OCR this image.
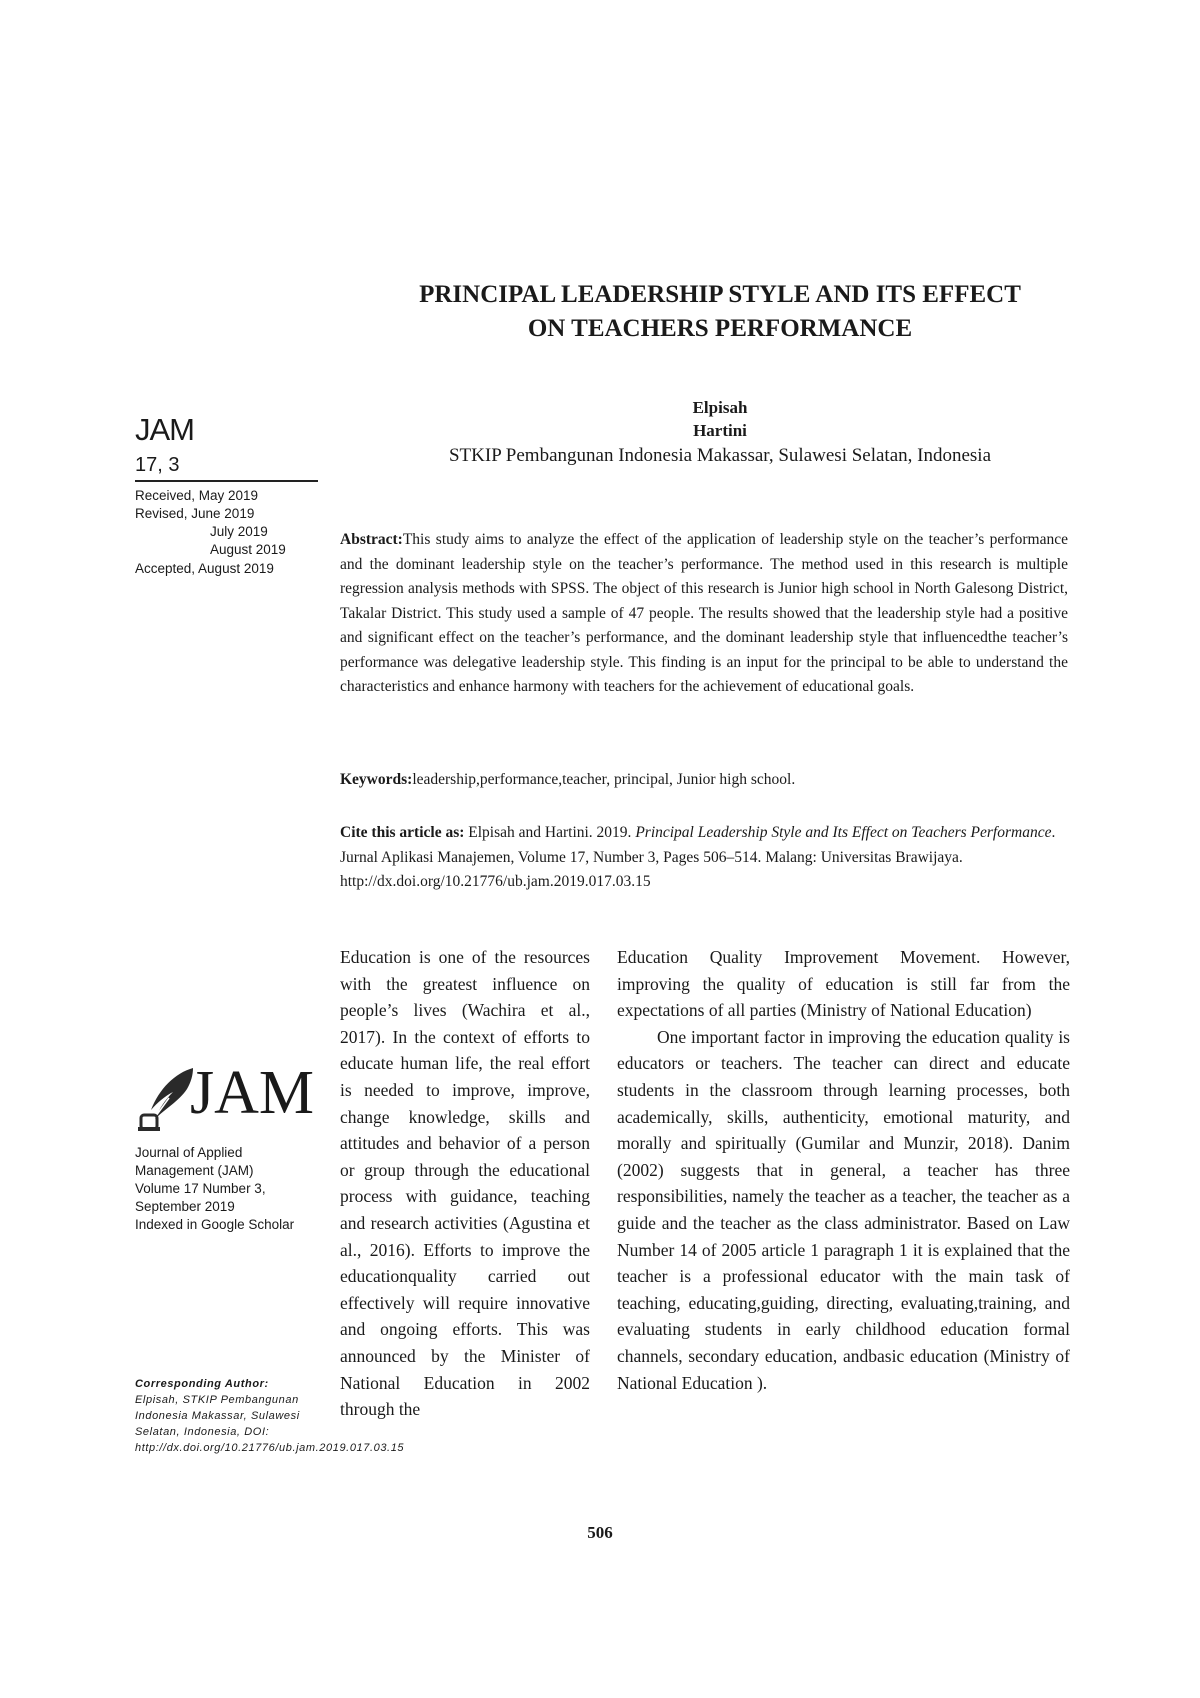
PRINCIPAL LEADERSHIP STYLE AND ITS EFFECT
ON TEACHERS PERFORMANCE
Elpisah
Hartini
STKIP Pembangunan Indonesia Makassar, Sulawesi Selatan, Indonesia
JAM
17, 3
Received, May 2019
Revised, June 2019
July 2019
August 2019
Accepted, August 2019

Abstract:This study aims to analyze the effect of the application of leadership style on the teacher’s performance and the dominant leadership style on the teacher’s performance. The method used in this research is multiple regression analysis methods with SPSS. The object of this research is Junior high school in North Galesong District, Takalar District. This study used a sample of 47 people. The results showed that the leadership style had a positive and significant effect on the teacher’s performance, and the dominant leadership style that influencedthe teacher’s performance was delegative leadership style. This finding is an input for the principal to be able to understand the characteristics and enhance harmony with teachers for the achievement of educational goals.

Keywords:leadership,performance,teacher, principal, Junior high school.

Cite this article as: Elpisah and Hartini. 2019. Principal Leadership Style and Its Effect on Teachers Performance. Jurnal Aplikasi Manajemen, Volume 17, Number 3, Pages 506–514. Malang: Universitas Brawijaya. http://dx.doi.org/10.21776/ub.jam.2019.017.03.15

Education is one of the resources with the greatest influence on people’s lives (Wachira et al., 2017). In the context of efforts to educate human life, the real effort is needed to improve, improve, change knowledge, skills and attitudes and behavior of a person or group through the educational process with guidance, teaching and research activities (Agustina et al., 2016). Efforts to improve the educationquality carried out effectively will require innovative and ongoing efforts. This was announced by the Minister of National Education in 2002 through the

Education Quality Improvement Movement. However, improving the quality of education is still far from the expectations of all parties (Ministry of National Education)

One important factor in improving the education quality is educators or teachers. The teacher can direct and educate students in the classroom through learning processes, both academically, skills, authenticity, emotional maturity, and morally and spiritually (Gumilar and Munzir, 2018). Danim (2002) suggests that in general, a teacher has three responsibilities, namely the teacher as a teacher, the teacher as a guide and the teacher as the class administrator. Based on Law Number 14 of 2005 article 1 paragraph 1 it is explained that the teacher is a professional educator with the main task of teaching, educating,guiding, directing, evaluating,training, and evaluating students in early childhood education formal channels, secondary education, andbasic education (Ministry of National Education ).

JAM
Journal of Applied
Management (JAM)
Volume 17 Number 3,
September 2019
Indexed in Google Scholar
Corresponding Author:
Elpisah, STKIP Pembangunan Indonesia Makassar, Sulawesi Selatan, Indonesia, DOI: http://dx.doi.org/10.21776/ub.jam.2019.017.03.15
506
